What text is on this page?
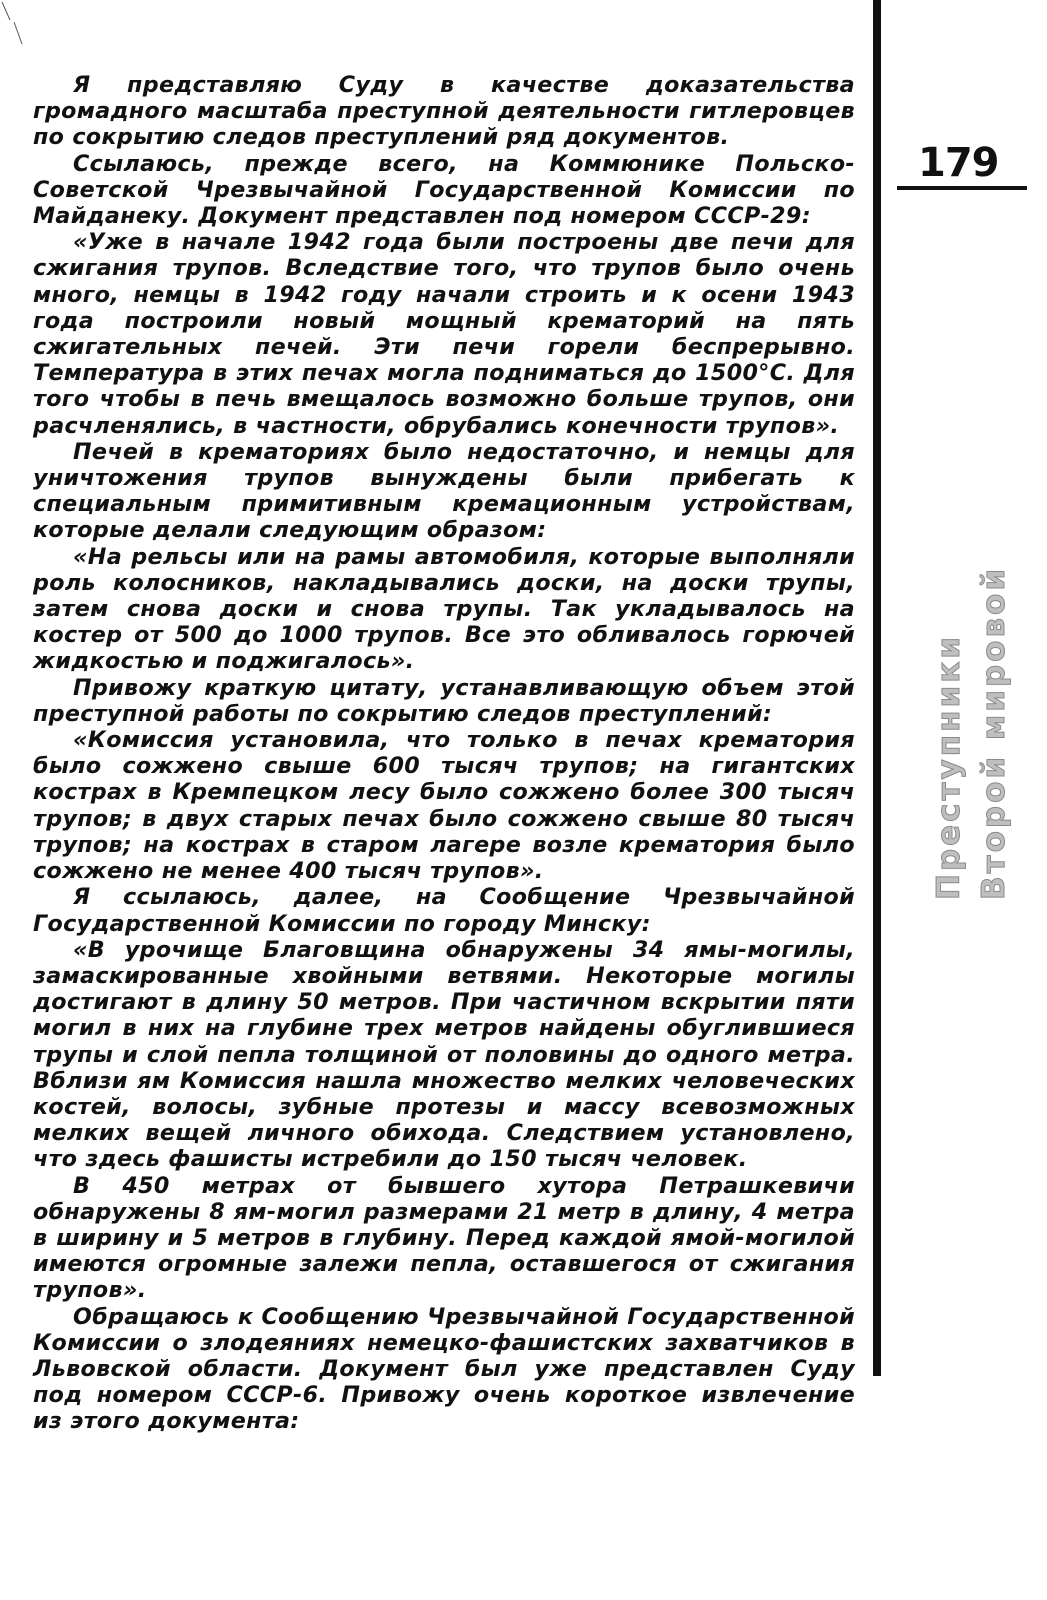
Я представляю Суду в качестве доказательства громадного масштаба преступной деятельности гитлеровцев по сокрытию следов преступлений ряд документов.

Ссылаюсь, прежде всего, на Коммюнике Польско-Советской Чрезвычайной Государственной Комиссии по Майданеку. Документ представлен под номером СССР-29:

«Уже в начале 1942 года были построены две печи для сжигания трупов. Вследствие того, что трупов было очень много, немцы в 1942 году начали строить и к осени 1943 года построили новый мощный крематорий на пять сжигательных печей. Эти печи горели беспрерывно. Температура в этих печах могла подниматься до 1500°С. Для того чтобы в печь вмещалось возможно больше трупов, они расчленялись, в частности, обрубались конечности трупов».

Печей в крематориях было недостаточно, и немцы для уничтожения трупов вынуждены были прибегать к специальным примитивным кремационным устройствам, которые делали следующим образом:

«На рельсы или на рамы автомобиля, которые выполняли роль колосников, накладывались доски, на доски трупы, затем снова доски и снова трупы. Так укладывалось на костер от 500 до 1000 трупов. Все это обливалось горючей жидкостью и поджигалось».

Привожу краткую цитату, устанавливающую объем этой преступной работы по сокрытию следов преступлений:

«Комиссия установила, что только в печах крематория было сожжено свыше 600 тысяч трупов; на гигантских кострах в Кремпецком лесу было сожжено более 300 тысяч трупов; в двух старых печах было сожжено свыше 80 тысяч трупов; на кострах в старом лагере возле крематория было сожжено не менее 400 тысяч трупов».

Я ссылаюсь, далее, на Сообщение Чрезвычайной Государственной Комиссии по городу Минску:

«В урочище Благовщина обнаружены 34 ямы-могилы, замаскированные хвойными ветвями. Некоторые могилы достигают в длину 50 метров. При частичном вскрытии пяти могил в них на глубине трех метров найдены обуглившиеся трупы и слой пепла толщиной от половины до одного метра. Вблизи ям Комиссия нашла множество мелких человеческих костей, волосы, зубные протезы и массу всевозможных мелких вещей личного обихода. Следствием установлено, что здесь фашисты истребили до 150 тысяч человек.

В 450 метрах от бывшего хутора Петрашкевичи обнаружены 8 ям-могил размерами 21 метр в длину, 4 метра в ширину и 5 метров в глубину. Перед каждой ямой-могилой имеются огромные залежи пепла, оставшегося от сжигания трупов».

Обращаюсь к Сообщению Чрезвычайной Государственной Комиссии о злодеяниях немецко-фашистских захватчиков в Львовской области. Документ был уже представлен Суду под номером СССР-6. Привожу очень короткое извлечение из этого документа:

179
Преступники Второй мировой
